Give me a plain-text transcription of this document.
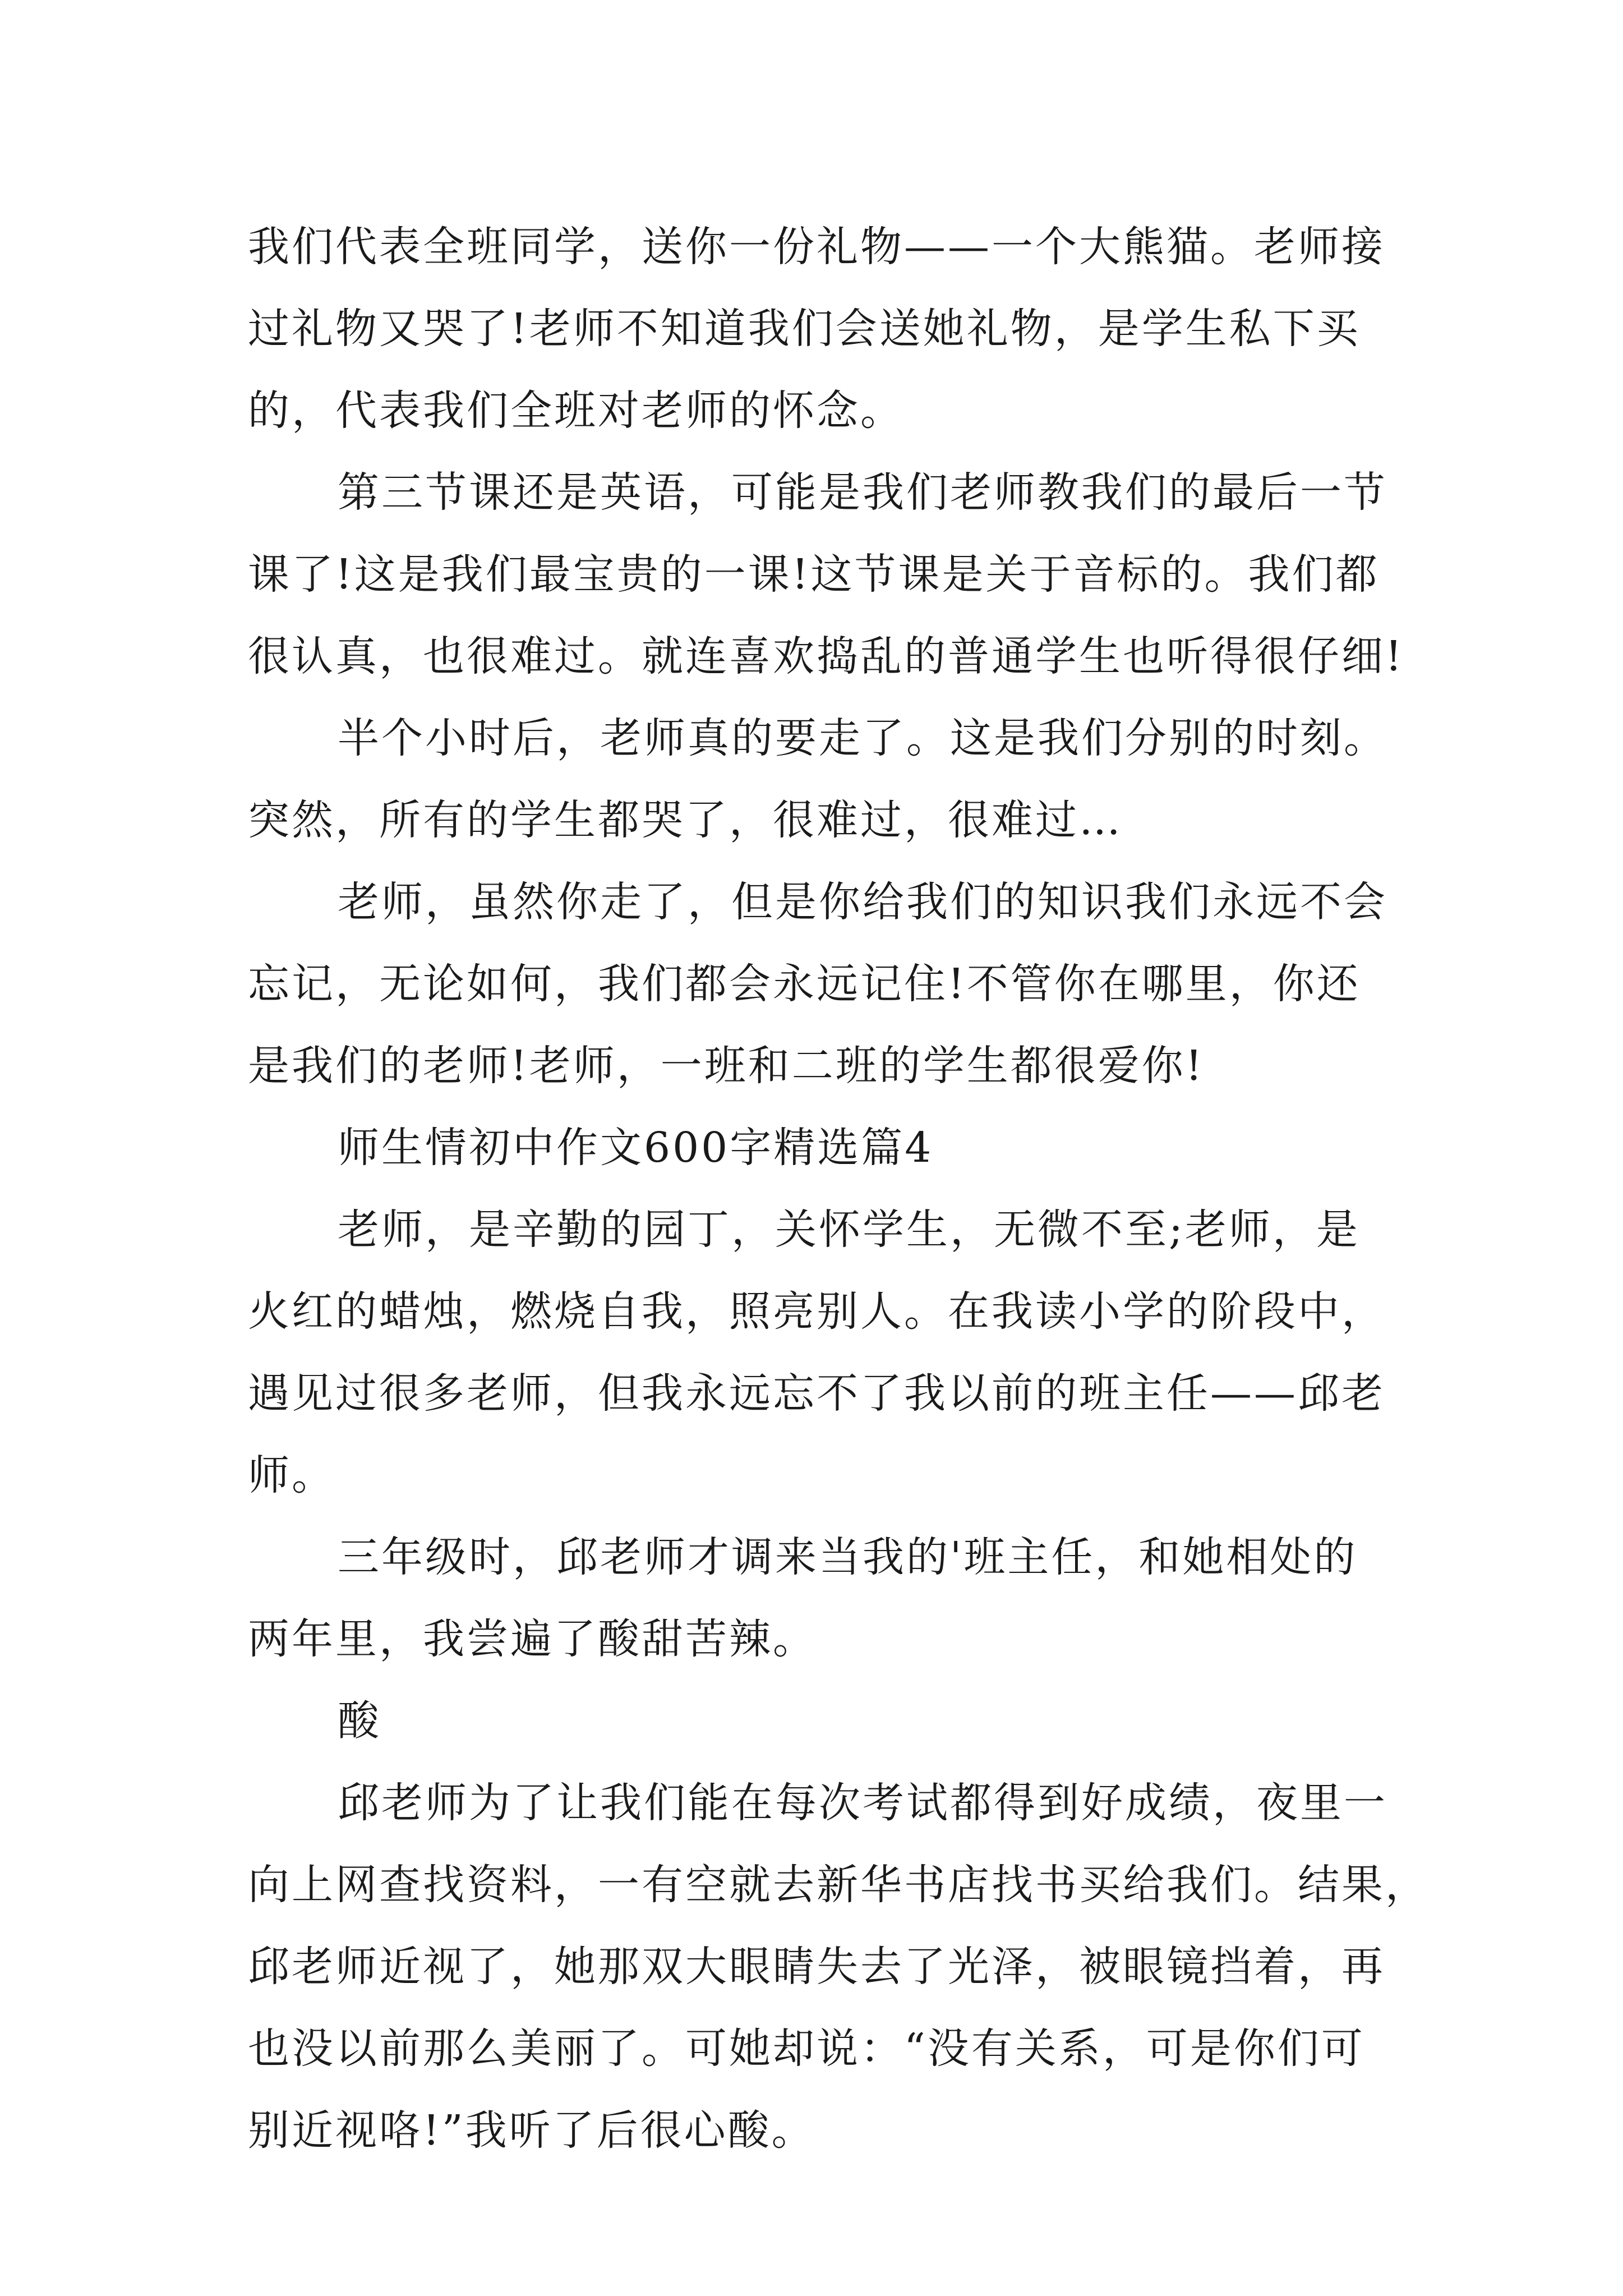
我们代表全班同学，送你一份礼物——一个大熊猫。老师接

过礼物又哭了!老师不知道我们会送她礼物，是学生私下买

的，代表我们全班对老师的怀念。

第三节课还是英语，可能是我们老师教我们的最后一节

课了!这是我们最宝贵的一课!这节课是关于音标的。我们都

很认真，也很难过。就连喜欢捣乱的普通学生也听得很仔细!

半个小时后，老师真的要走了。这是我们分别的时刻。

突然，所有的学生都哭了，很难过，很难过…

老师，虽然你走了，但是你给我们的知识我们永远不会

忘记，无论如何，我们都会永远记住!不管你在哪里，你还

是我们的老师!老师，一班和二班的学生都很爱你!

师生情初中作文600字精选篇4

老师，是辛勤的园丁，关怀学生，无微不至;老师，是

火红的蜡烛，燃烧自我，照亮别人。在我读小学的阶段中，

遇见过很多老师，但我永远忘不了我以前的班主任——邱老

师。

三年级时，邱老师才调来当我的'班主任，和她相处的

两年里，我尝遍了酸甜苦辣。

酸

邱老师为了让我们能在每次考试都得到好成绩，夜里一

向上网查找资料，一有空就去新华书店找书买给我们。结果，

邱老师近视了，她那双大眼睛失去了光泽，被眼镜挡着，再

也没以前那么美丽了。可她却说：“没有关系，可是你们可

别近视咯!”我听了后很心酸。
